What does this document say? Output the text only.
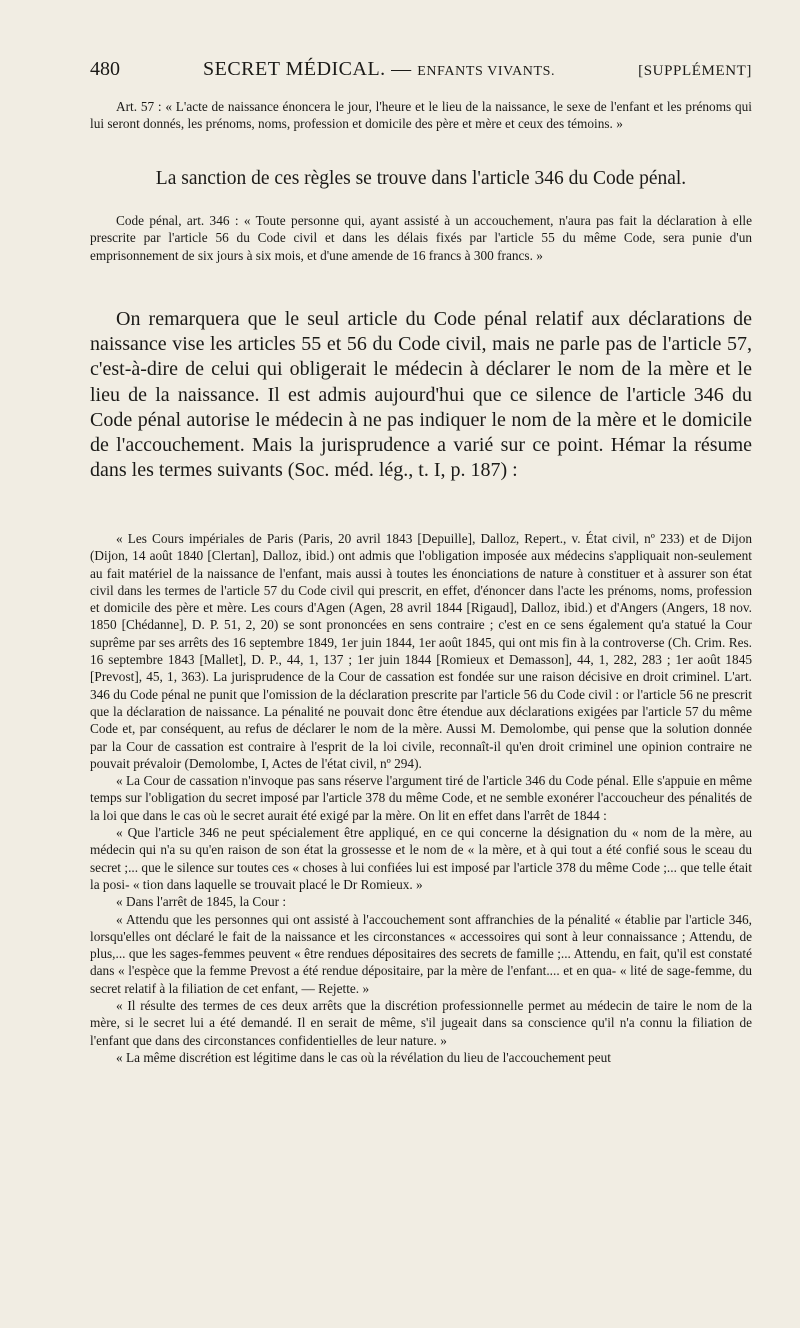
480	SECRET MÉDICAL. — ENFANTS VIVANTS.	[SUPPLÉMENT]

Art. 57 : « L'acte de naissance énoncera le jour, l'heure et le lieu de la naissance, le sexe de l'enfant et les prénoms qui lui seront donnés, les prénoms, noms, profession et domicile des père et mère et ceux des témoins. »

La sanction de ces règles se trouve dans l'article 346 du Code pénal.

Code pénal, art. 346 : « Toute personne qui, ayant assisté à un accouchement, n'aura pas fait la déclaration à elle prescrite par l'article 56 du Code civil et dans les délais fixés par l'article 55 du même Code, sera punie d'un emprisonnement de six jours à six mois, et d'une amende de 16 francs à 300 francs. »

On remarquera que le seul article du Code pénal relatif aux déclarations de naissance vise les articles 55 et 56 du Code civil, mais ne parle pas de l'article 57, c'est-à-dire de celui qui obligerait le médecin à déclarer le nom de la mère et le lieu de la naissance. Il est admis aujourd'hui que ce silence de l'article 346 du Code pénal autorise le médecin à ne pas indiquer le nom de la mère et le domicile de l'accouchement. Mais la jurisprudence a varié sur ce point. Hémar la résume dans les termes suivants (Soc. méd. lég., t. I, p. 187) :

« Les Cours impériales de Paris (Paris, 20 avril 1843 [Depuille], Dalloz, Repert., v. État civil, nº 233) et de Dijon (Dijon, 14 août 1840 [Clertan], Dalloz, ibid.) ont admis que l'obligation imposée aux médecins s'appliquait non-seulement au fait matériel de la naissance de l'enfant, mais aussi à toutes les énonciations de nature à constituer et à assurer son état civil dans les termes de l'article 57 du Code civil qui prescrit, en effet, d'énoncer dans l'acte les prénoms, noms, profession et domicile des père et mère. Les cours d'Agen (Agen, 28 avril 1844 [Rigaud], Dalloz, ibid.) et d'Angers (Angers, 18 nov. 1850 [Chédanne], D. P. 51, 2, 20) se sont prononcées en sens contraire ; c'est en ce sens également qu'a statué la Cour suprême par ses arrêts des 16 septembre 1849, 1er juin 1844, 1er août 1845, qui ont mis fin à la controverse (Ch. Crim. Res. 16 septembre 1843 [Mallet], D. P., 44, 1, 137 ; 1er juin 1844 [Romieux et Demasson], 44, 1, 282, 283 ; 1er août 1845 [Prevost], 45, 1, 363). La jurisprudence de la Cour de cassation est fondée sur une raison décisive en droit criminel. L'art. 346 du Code pénal ne punit que l'omission de la déclaration prescrite par l'article 56 du Code civil : or l'article 56 ne prescrit que la déclaration de naissance. La pénalité ne pouvait donc être étendue aux déclarations exigées par l'article 57 du même Code et, par conséquent, au refus de déclarer le nom de la mère. Aussi M. Demolombe, qui pense que la solution donnée par la Cour de cassation est contraire à l'esprit de la loi civile, reconnaît-il qu'en droit criminel une opinion contraire ne pouvait prévaloir (Demolombe, I, Actes de l'état civil, nº 294).

« La Cour de cassation n'invoque pas sans réserve l'argument tiré de l'article 346 du Code pénal. Elle s'appuie en même temps sur l'obligation du secret imposé par l'article 378 du même Code, et ne semble exonérer l'accoucheur des pénalités de la loi que dans le cas où le secret aurait été exigé par la mère. On lit en effet dans l'arrêt de 1844 :

« Que l'article 346 ne peut spécialement être appliqué, en ce qui concerne la désignation du « nom de la mère, au médecin qui n'a su qu'en raison de son état la grossesse et le nom de « la mère, et à qui tout a été confié sous le sceau du secret ;... que le silence sur toutes ces « choses à lui confiées lui est imposé par l'article 378 du même Code ;... que telle était la posi- « tion dans laquelle se trouvait placé le Dr Romieux. »

« Dans l'arrêt de 1845, la Cour :

« Attendu que les personnes qui ont assisté à l'accouchement sont affranchies de la pénalité « établie par l'article 346, lorsqu'elles ont déclaré le fait de la naissance et les circonstances « accessoires qui sont à leur connaissance ; Attendu, de plus,... que les sages-femmes peuvent « être rendues dépositaires des secrets de famille ;... Attendu, en fait, qu'il est constaté dans « l'espèce que la femme Prevost a été rendue dépositaire, par la mère de l'enfant.... et en qua- « lité de sage-femme, du secret relatif à la filiation de cet enfant, — Rejette. »

« Il résulte des termes de ces deux arrêts que la discrétion professionnelle permet au médecin de taire le nom de la mère, si le secret lui a été demandé. Il en serait de même, s'il jugeait dans sa conscience qu'il n'a connu la filiation de l'enfant que dans des circonstances confidentielles de leur nature. »

« La même discrétion est légitime dans le cas où la révélation du lieu de l'accouchement peut
